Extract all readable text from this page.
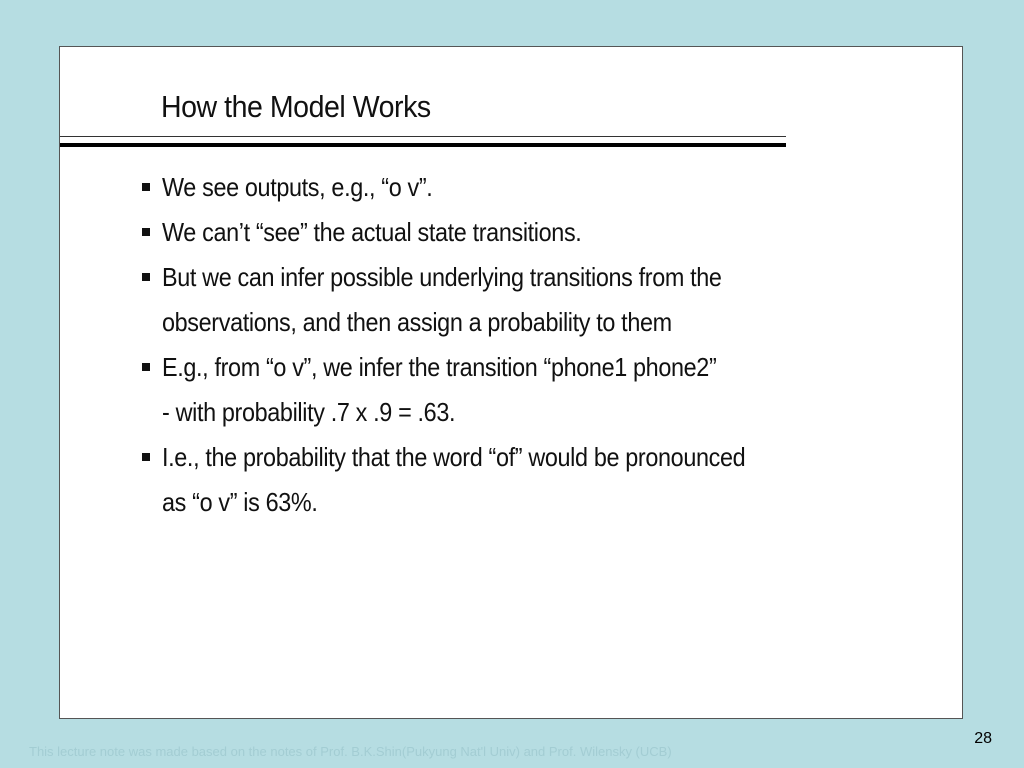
How the Model Works
We see outputs, e.g., “o v”.
We can’t “see” the actual state transitions.
But we can infer possible underlying transitions from the
observations, and then assign a probability to them
E.g., from “o v”, we infer the transition “phone1 phone2”
- with probability .7 x .9 = .63.
I.e., the probability that the word “of” would be pronounced
as “o v” is 63%.
This lecture note was made based on the notes of Prof. B.K.Shin(Pukyung Nat'l Univ) and Prof. Wilensky (UCB)
28
